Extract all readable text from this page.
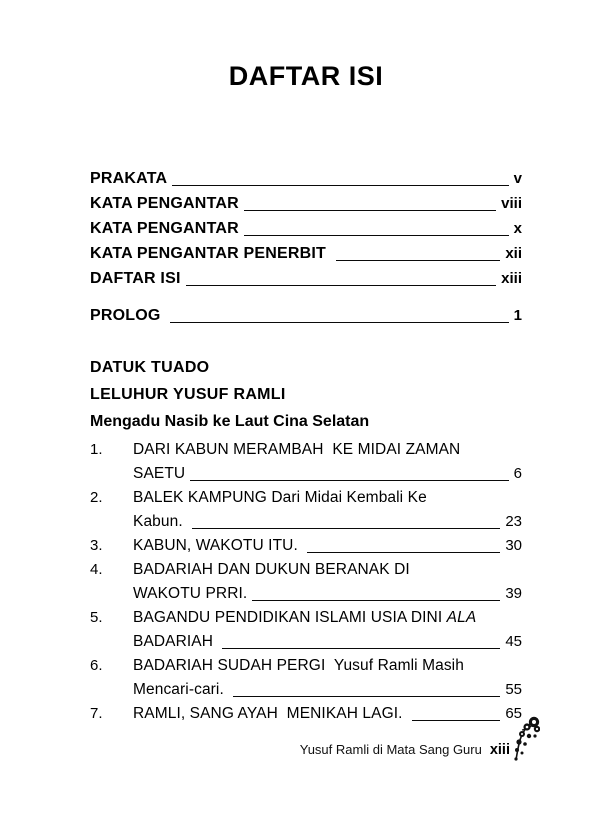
DAFTAR ISI
PRAKATA	v
KATA PENGANTAR	viii
KATA PENGANTAR	x
KATA PENGANTAR PENERBIT	xii
DAFTAR ISI	xiii
PROLOG	1
DATUK TUADO
LELUHUR YUSUF RAMLI
Mengadu Nasib ke Laut Cina Selatan
1.	DARI KABUN MERAMBAH  KE MIDAI ZAMAN
SAETU	6
2.	BALEK KAMPUNG Dari Midai Kembali Ke
Kabun.	23
3.	KABUN, WAKOTU ITU.	30
4.	BADARIAH DAN DUKUN BERANAK DI
WAKOTU PRRI.	39
5.	BAGANDU PENDIDIKAN ISLAMI USIA DINI ALA
BADARIAH	45
6.	BADARIAH SUDAH PERGI  Yusuf Ramli Masih
Mencari-cari.	55
7.	RAMLI, SANG AYAH  MENIKAH LAGI.	65
Yusuf Ramli di Mata Sang Guru xiii
